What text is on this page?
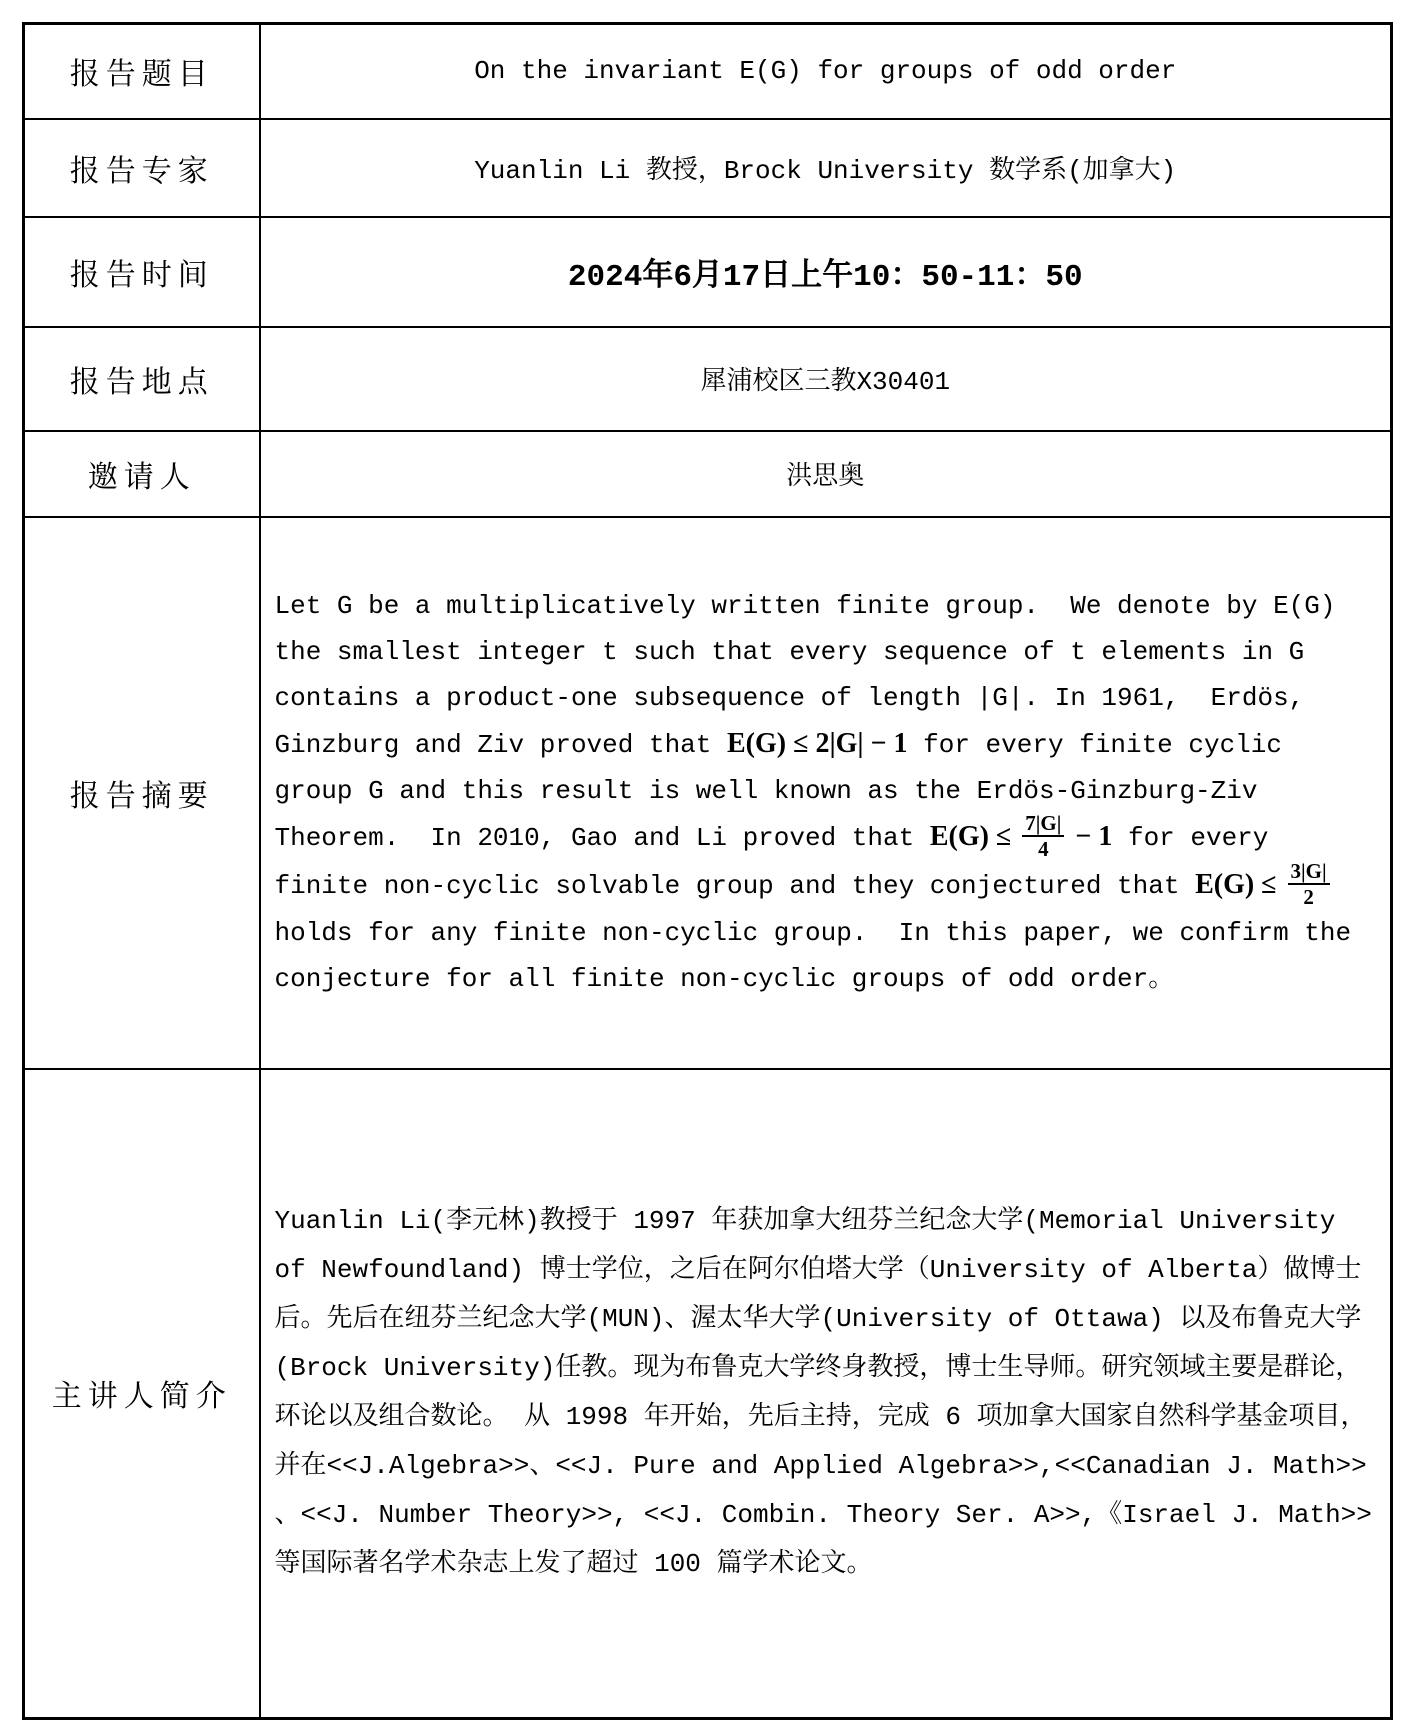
报告题目	On the invariant E(G) for groups of odd order
报告专家	Yuanlin Li 教授，Brock University 数学系(加拿大)
报告时间	2024年6月17日上午10：50-11：50
报告地点	犀浦校区三教X30401
邀请人	洪思奥
报告摘要	Let G be a multiplicatively written finite group.  We denote by E(G) the smallest integer t such that every sequence of t elements in G contains a product-one subsequence of length |G|. In 1961,  Erdös, Ginzburg and Ziv proved that E(G) ≤ 2|G| − 1 for every finite cyclic group G and this result is well known as the Erdös-Ginzburg-Ziv Theorem.  In 2010, Gao and Li proved that $E(G) \le \frac{7|G|}{4} - 1$ for every finite non-cyclic solvable group and they conjectured that $E(G) \le \frac{3|G|}{2}$ holds for any finite non-cyclic group.  In this paper, we confirm the conjecture for all finite non-cyclic groups of odd order。
主讲人简介	Yuanlin Li(李元林)教授于 1997 年获加拿大纽芬兰纪念大学(Memorial University of Newfoundland) 博士学位，之后在阿尔伯塔大学（University of Alberta）做博士后。先后在纽芬兰纪念大学(MUN)、渥太华大学(University of Ottawa) 以及布鲁克大学(Brock University)任教。现为布鲁克大学终身教授，博士生导师。研究领域主要是群论，环论以及组合数论。 从 1998 年开始，先后主持，完成 6 项加拿大国家自然科学基金项目，并在<<J.Algebra>>、<<J. Pure and Applied Algebra>>,<<Canadian J. Math>> 、<<J. Number Theory>>, <<J. Combin. Theory Ser. A>>,《Israel J. Math>>等国际著名学术杂志上发了超过 100 篇学术论文。
